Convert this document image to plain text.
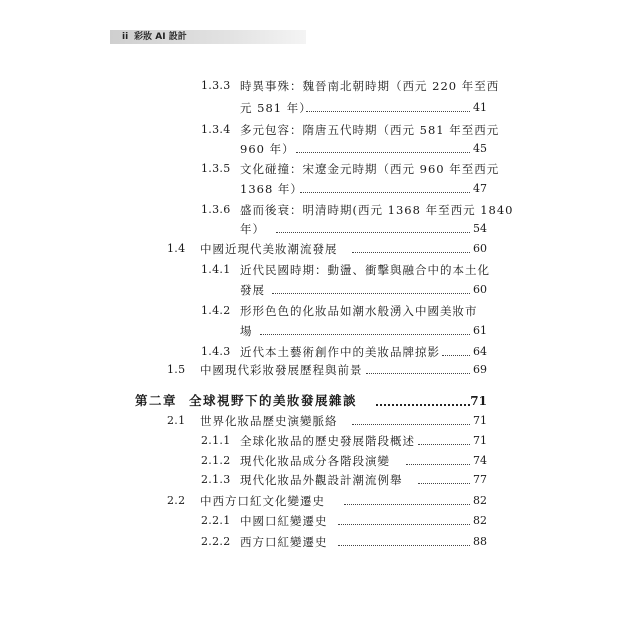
ii 彩妝 AI 設計
1.3.3 時異事殊：魏晉南北朝時期（西元 220 年至西
元 581 年）	41
1.3.4 多元包容：隋唐五代時期（西元 581 年至西元
960 年）	45
1.3.5 文化碰撞：宋遼金元時期（西元 960 年至西元
1368 年）	47
1.3.6 盛而後衰：明清時期(西元 1368 年至西元 1840
年）	54
1.4 中國近現代美妝潮流發展	60
1.4.1 近代民國時期：動盪、衝擊與融合中的本土化
發展	60
1.4.2 形形色色的化妝品如潮水般湧入中國美妝市
場	61
1.4.3 近代本土藝術創作中的美妝品牌掠影	64
1.5 中國現代彩妝發展歷程與前景	69
第二章 全球視野下的美妝發展雜談	71
2.1 世界化妝品歷史演變脈絡	71
2.1.1 全球化妝品的歷史發展階段概述	71
2.1.2 現代化妝品成分各階段演變	74
2.1.3 現代化妝品外觀設計潮流例舉	77
2.2 中西方口紅文化變遷史	82
2.2.1 中國口紅變遷史	82
2.2.2 西方口紅變遷史	88
